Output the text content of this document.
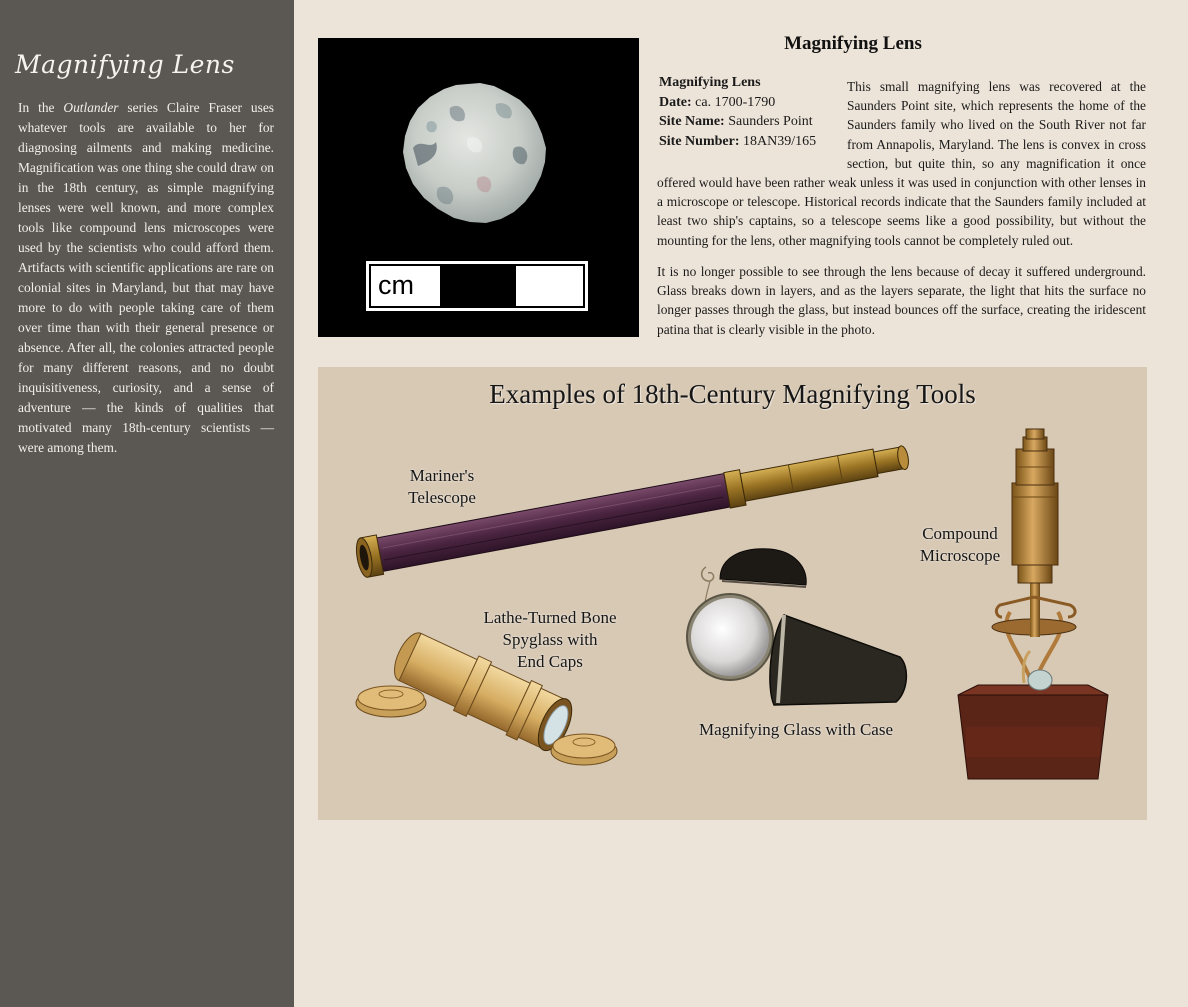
Magnifying Lens

In the Outlander series Claire Fraser uses whatever tools are available to her for diagnosing ailments and making medicine. Magnification was one thing she could draw on in the 18th century, as simple magnifying lenses were well known, and more complex tools like compound lens microscopes were used by the scientists who could afford them. Artifacts with scientific applications are rare on colonial sites in Maryland, but that may have more to do with people taking care of them over time than with their general presence or absence. After all, the colonies attracted people for many different reasons, and no doubt inquisitiveness, curiosity, and a sense of adventure — the kinds of qualities that motivated many 18th-century scientists — were among them.

cm
Magnifying Lens
Magnifying Lens
Date: ca. 1700-1790
Site Name: Saunders Point
Site Number: 18AN39/165

This small magnifying lens was recovered at the Saunders Point site, which represents the home of the Saunders family who lived on the South River not far from Annapolis, Maryland. The lens is convex in cross section, but quite thin, so any magnification it once offered would have been rather weak unless it was used in conjunction with other lenses in a microscope or telescope. Historical records indicate that the Saunders family included at least two ship's captains, so a telescope seems like a good possibility, but without the mounting for the lens, other magnifying tools cannot be completely ruled out.

It is no longer possible to see through the lens because of decay it suffered underground. Glass breaks down in layers, and as the layers separate, the light that hits the surface no longer passes through the glass, but instead bounces off the surface, creating the iridescent patina that is clearly visible in the photo.

Examples of 18th-Century Magnifying Tools
Mariner's
Telescope
Compound
Microscope
Lathe-Turned Bone
Spyglass with
End Caps
Magnifying Glass with Case
